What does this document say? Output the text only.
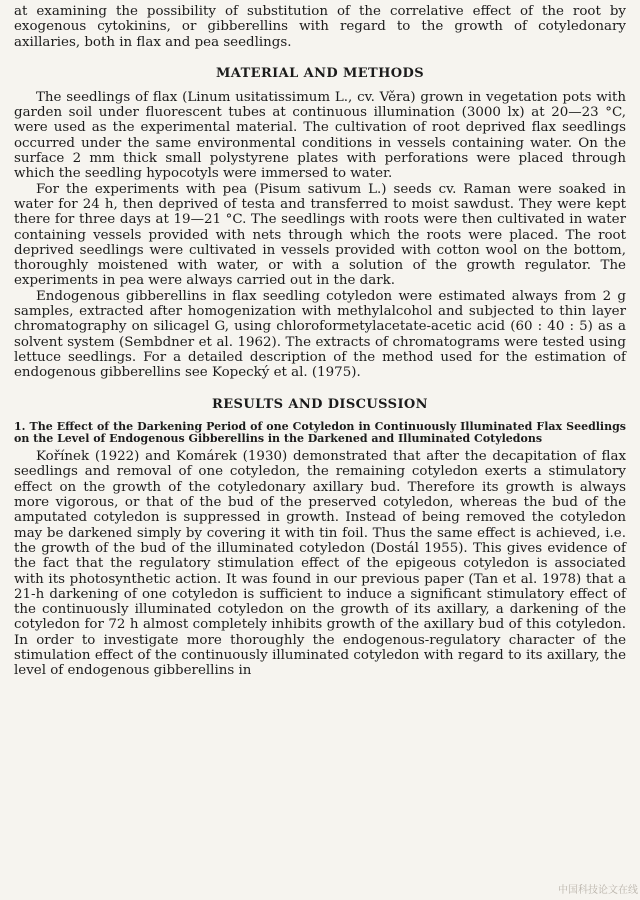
at examining the possibility of substitution of the correlative effect of the root by exogenous cytokinins, or gibberellins with regard to the growth of cotyledonary axillaries, both in flax and pea seedlings.

MATERIAL AND METHODS

The seedlings of flax (Linum usitatissimum L., cv. Věra) grown in vegetation pots with garden soil under fluorescent tubes at continuous illumination (3000 lx) at 20—23 °C, were used as the experimental material. The cultivation of root deprived flax seedlings occurred under the same environmental conditions in vessels containing water. On the surface 2 mm thick small polystyrene plates with perforations were placed through which the seedling hypocotyls were immersed to water.

For the experiments with pea (Pisum sativum L.) seeds cv. Raman were soaked in water for 24 h, then deprived of testa and transferred to moist sawdust. They were kept there for three days at 19—21 °C. The seedlings with roots were then cultivated in water containing vessels provided with nets through which the roots were placed. The root deprived seedlings were cultivated in vessels provided with cotton wool on the bottom, thoroughly moistened with water, or with a solution of the growth regulator. The experiments in pea were always carried out in the dark.

Endogenous gibberellins in flax seedling cotyledon were estimated always from 2 g samples, extracted after homogenization with methylalcohol and subjected to thin layer chromatography on silicagel G, using chloroformetylacetate-acetic acid (60 : 40 : 5) as a solvent system (Sembdner et al. 1962). The extracts of chromatograms were tested using lettuce seedlings. For a detailed description of the method used for the estimation of endogenous gibberellins see Kopecký et al. (1975).

RESULTS AND DISCUSSION
1. The Effect of the Darkening Period of one Cotyledon in Continuously Illuminated Flax Seedlings on the Level of Endogenous Gibberellins in the Darkened and Illuminated Cotyledons

Kořínek (1922) and Komárek (1930) demonstrated that after the decapitation of flax seedlings and removal of one cotyledon, the remaining cotyledon exerts a stimulatory effect on the growth of the cotyledonary axillary bud. Therefore its growth is always more vigorous, or that of the bud of the preserved cotyledon, whereas the bud of the amputated cotyledon is suppressed in growth. Instead of being removed the cotyledon may be darkened simply by covering it with tin foil. Thus the same effect is achieved, i.e. the growth of the bud of the illuminated cotyledon (Dostál 1955). This gives evidence of the fact that the regulatory stimulation effect of the epigeous cotyledon is associated with its photosynthetic action. It was found in our previous paper (Tan et al. 1978) that a 21-h darkening of one cotyledon is sufficient to induce a significant stimulatory effect of the continuously illuminated cotyledon on the growth of its axillary, a darkening of the cotyledon for 72 h almost completely inhibits growth of the axillary bud of this cotyledon. In order to investigate more thoroughly the endogenous-regulatory character of the stimulation effect of the continuously illuminated cotyledon with regard to its axillary, the level of endogenous gibberellins in

中国科技论文在线
